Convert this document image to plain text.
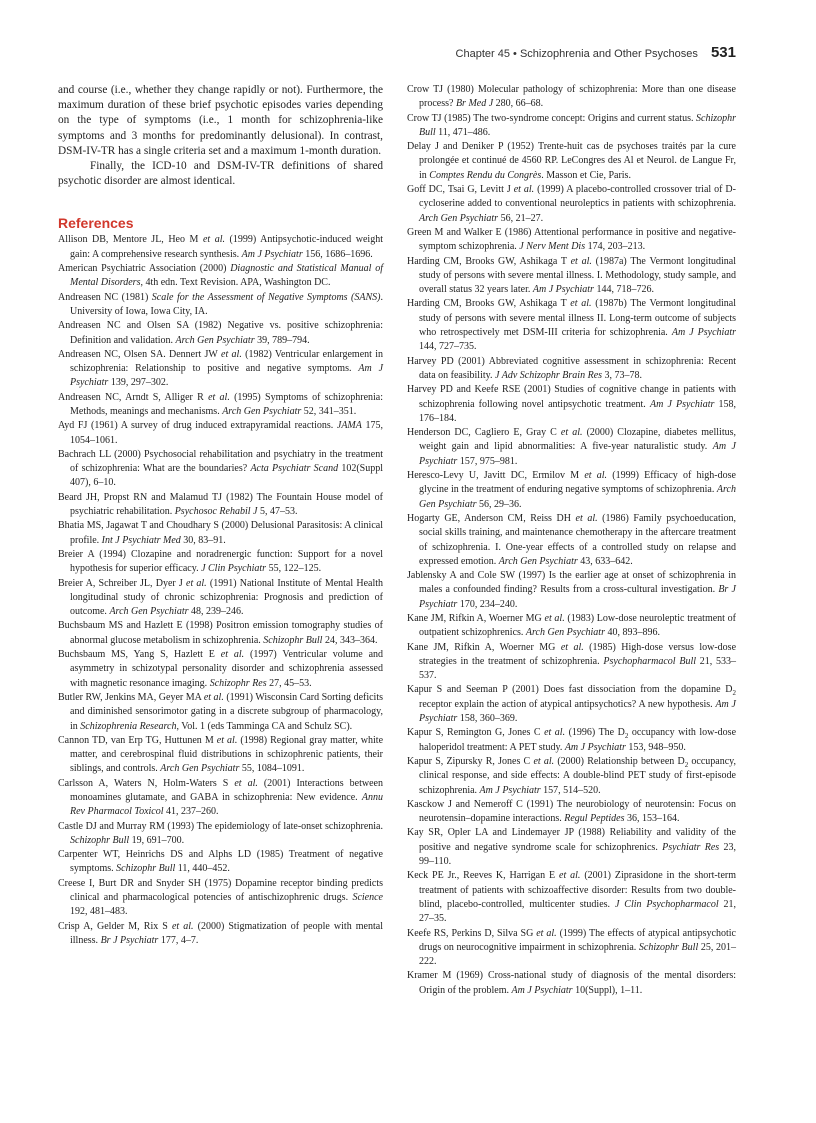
Chapter 45 • Schizophrenia and Other Psychoses 531

and course (i.e., whether they change rapidly or not). Furthermore, the maximum duration of these brief psychotic episodes varies depending on the type of symptoms (i.e., 1 month for schizophrenia-like symptoms and 3 months for predominantly delusional). In contrast, DSM-IV-TR has a single criteria set and a maximum 1-month duration.

Finally, the ICD-10 and DSM-IV-TR definitions of shared psychotic disorder are almost identical.

References

Allison DB, Mentore JL, Heo M et al. (1999) Antipsychotic-induced weight gain: A comprehensive research synthesis. Am J Psychiatr 156, 1686–1696.

American Psychiatric Association (2000) Diagnostic and Statistical Manual of Mental Disorders, 4th edn. Text Revision. APA, Washington DC.

Andreasen NC (1981) Scale for the Assessment of Negative Symptoms (SANS). University of Iowa, Iowa City, IA.

Andreasen NC and Olsen SA (1982) Negative vs. positive schizophrenia: Definition and validation. Arch Gen Psychiatr 39, 789–794.

Andreasen NC, Olsen SA. Dennert JW et al. (1982) Ventricular enlargement in schizophrenia: Relationship to positive and negative symptoms. Am J Psychiatr 139, 297–302.

Andreasen NC, Arndt S, Alliger R et al. (1995) Symptoms of schizophrenia: Methods, meanings and mechanisms. Arch Gen Psychiatr 52, 341–351.

Ayd FJ (1961) A survey of drug induced extrapyramidal reactions. JAMA 175, 1054–1061.

Bachrach LL (2000) Psychosocial rehabilitation and psychiatry in the treatment of schizophrenia: What are the boundaries? Acta Psychiatr Scand 102(Suppl 407), 6–10.

Beard JH, Propst RN and Malamud TJ (1982) The Fountain House model of psychiatric rehabilitation. Psychosoc Rehabil J 5, 47–53.

Bhatia MS, Jagawat T and Choudhary S (2000) Delusional Parasitosis: A clinical profile. Int J Psychiatr Med 30, 83–91.

Breier A (1994) Clozapine and noradrenergic function: Support for a novel hypothesis for superior efficacy. J Clin Psychiatr 55, 122–125.

Breier A, Schreiber JL, Dyer J et al. (1991) National Institute of Mental Health longitudinal study of chronic schizophrenia: Prognosis and prediction of outcome. Arch Gen Psychiatr 48, 239–246.

Buchsbaum MS and Hazlett E (1998) Positron emission tomography studies of abnormal glucose metabolism in schizophrenia. Schizophr Bull 24, 343–364.

Buchsbaum MS, Yang S, Hazlett E et al. (1997) Ventricular volume and asymmetry in schizotypal personality disorder and schizophrenia assessed with magnetic resonance imaging. Schizophr Res 27, 45–53.

Butler RW, Jenkins MA, Geyer MA et al. (1991) Wisconsin Card Sorting deficits and diminished sensorimotor gating in a discrete subgroup of pharmacology, in Schizophrenia Research, Vol. 1 (eds Tamminga CA and Schulz SC).

Cannon TD, van Erp TG, Huttunen M et al. (1998) Regional gray matter, white matter, and cerebrospinal fluid distributions in schizophrenic patients, their siblings, and controls. Arch Gen Psychiatr 55, 1084–1091.

Carlsson A, Waters N, Holm-Waters S et al. (2001) Interactions between monoamines glutamate, and GABA in schizophrenia: New evidence. Annu Rev Pharmacol Toxicol 41, 237–260.

Castle DJ and Murray RM (1993) The epidemiology of late-onset schizophrenia. Schizophr Bull 19, 691–700.

Carpenter WT, Heinrichs DS and Alphs LD (1985) Treatment of negative symptoms. Schizophr Bull 11, 440–452.

Creese I, Burt DR and Snyder SH (1975) Dopamine receptor binding predicts clinical and pharmacological potencies of antischizophrenic drugs. Science 192, 481–483.

Crisp A, Gelder M, Rix S et al. (2000) Stigmatization of people with mental illness. Br J Psychiatr 177, 4–7.

Crow TJ (1980) Molecular pathology of schizophrenia: More than one disease process? Br Med J 280, 66–68.

Crow TJ (1985) The two-syndrome concept: Origins and current status. Schizophr Bull 11, 471–486.

Delay J and Deniker P (1952) Trente-huit cas de psychoses traités par la cure prolongée et continué de 4560 RP. LeCongres des Al et Neurol. de Langue Fr, in Comptes Rendu du Congrès. Masson et Cie, Paris.

Goff DC, Tsai G, Levitt J et al. (1999) A placebo-controlled crossover trial of D-cycloserine added to conventional neuroleptics in patients with schizophrenia. Arch Gen Psychiatr 56, 21–27.

Green M and Walker E (1986) Attentional performance in positive and negative-symptom schizophrenia. J Nerv Ment Dis 174, 203–213.

Harding CM, Brooks GW, Ashikaga T et al. (1987a) The Vermont longitudinal study of persons with severe mental illness. I. Methodology, study sample, and overall status 32 years later. Am J Psychiatr 144, 718–726.

Harding CM, Brooks GW, Ashikaga T et al. (1987b) The Vermont longitudinal study of persons with severe mental illness II. Long-term outcome of subjects who retrospectively met DSM-III criteria for schizophrenia. Am J Psychiatr 144, 727–735.

Harvey PD (2001) Abbreviated cognitive assessment in schizophrenia: Recent data on feasibility. J Adv Schizophr Brain Res 3, 73–78.

Harvey PD and Keefe RSE (2001) Studies of cognitive change in patients with schizophrenia following novel antipsychotic treatment. Am J Psychiatr 158, 176–184.

Henderson DC, Cagliero E, Gray C et al. (2000) Clozapine, diabetes mellitus, weight gain and lipid abnormalities: A five-year naturalistic study. Am J Psychiatr 157, 975–981.

Heresco-Levy U, Javitt DC, Ermilov M et al. (1999) Efficacy of high-dose glycine in the treatment of enduring negative symptoms of schizophrenia. Arch Gen Psychiatr 56, 29–36.

Hogarty GE, Anderson CM, Reiss DH et al. (1986) Family psychoeducation, social skills training, and maintenance chemotherapy in the aftercare treatment of schizophrenia. I. One-year effects of a controlled study on relapse and expressed emotion. Arch Gen Psychiatr 43, 633–642.

Jablensky A and Cole SW (1997) Is the earlier age at onset of schizophrenia in males a confounded finding? Results from a cross-cultural investigation. Br J Psychiatr 170, 234–240.

Kane JM, Rifkin A, Woerner MG et al. (1983) Low-dose neuroleptic treatment of outpatient schizophrenics. Arch Gen Psychiatr 40, 893–896.

Kane JM, Rifkin A, Woerner MG et al. (1985) High-dose versus low-dose strategies in the treatment of schizophrenia. Psychopharmacol Bull 21, 533–537.

Kapur S and Seeman P (2001) Does fast dissociation from the dopamine $D_2$ receptor explain the action of atypical antipsychotics? A new hypothesis. Am J Psychiatr 158, 360–369.

Kapur S, Remington G, Jones C et al. (1996) The $D_2$ occupancy with low-dose haloperidol treatment: A PET study. Am J Psychiatr 153, 948–950.

Kapur S, Zipursky R, Jones C et al. (2000) Relationship between $D_2$ occupancy, clinical response, and side effects: A double-blind PET study of first-episode schizophrenia. Am J Psychiatr 157, 514–520.

Kasckow J and Nemeroff C (1991) The neurobiology of neurotensin: Focus on neurotensin–dopamine interactions. Regul Peptides 36, 153–164.

Kay SR, Opler LA and Lindemayer JP (1988) Reliability and validity of the positive and negative syndrome scale for schizophrenics. Psychiatr Res 23, 99–110.

Keck PE Jr., Reeves K, Harrigan E et al. (2001) Ziprasidone in the short-term treatment of patients with schizoaffective disorder: Results from two double-blind, placebo-controlled, multicenter studies. J Clin Psychopharmacol 21, 27–35.

Keefe RS, Perkins D, Silva SG et al. (1999) The effects of atypical antipsychotic drugs on neurocognitive impairment in schizophrenia. Schizophr Bull 25, 201–222.

Kramer M (1969) Cross-national study of diagnosis of the mental disorders: Origin of the problem. Am J Psychiatr 10(Suppl), 1–11.
